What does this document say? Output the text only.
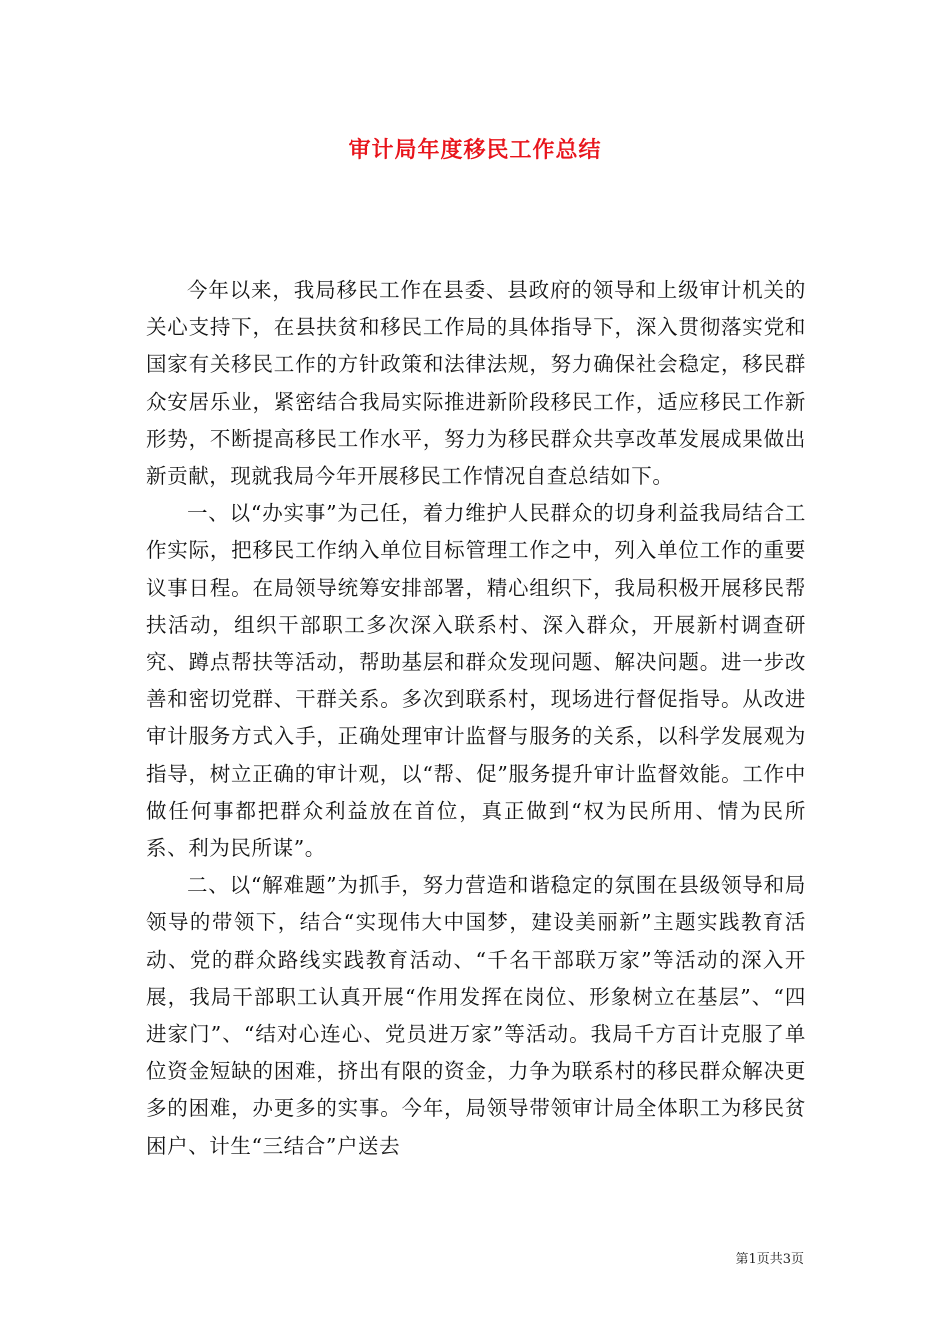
审计局年度移民工作总结

今年以来，我局移民工作在县委、县政府的领导和上级审计机关的关心支持下，在县扶贫和移民工作局的具体指导下，深入贯彻落实党和国家有关移民工作的方针政策和法律法规，努力确保社会稳定，移民群众安居乐业，紧密结合我局实际推进新阶段移民工作，适应移民工作新形势，不断提高移民工作水平，努力为移民群众共享改革发展成果做出新贡献，现就我局今年开展移民工作情况自查总结如下。

一、以“办实事”为己任，着力维护人民群众的切身利益我局结合工作实际，把移民工作纳入单位目标管理工作之中，列入单位工作的重要议事日程。在局领导统筹安排部署，精心组织下，我局积极开展移民帮扶活动，组织干部职工多次深入联系村、深入群众，开展新村调查研究、蹲点帮扶等活动，帮助基层和群众发现问题、解决问题。进一步改善和密切党群、干群关系。多次到联系村，现场进行督促指导。从改进审计服务方式入手，正确处理审计监督与服务的关系，以科学发展观为指导，树立正确的审计观，以“帮、促”服务提升审计监督效能。工作中做任何事都把群众利益放在首位，真正做到“权为民所用、情为民所系、利为民所谋”。

二、以“解难题”为抓手，努力营造和谐稳定的氛围在县级领导和局领导的带领下，结合“实现伟大中国梦，建设美丽新”主题实践教育活动、党的群众路线实践教育活动、“千名干部联万家”等活动的深入开展，我局干部职工认真开展“作用发挥在岗位、形象树立在基层”、“四进家门”、“结对心连心、党员进万家”等活动。我局千方百计克服了单位资金短缺的困难，挤出有限的资金，力争为联系村的移民群众解决更多的困难，办更多的实事。今年，局领导带领审计局全体职工为移民贫困户、计生“三结合”户送去

第1页共3页
